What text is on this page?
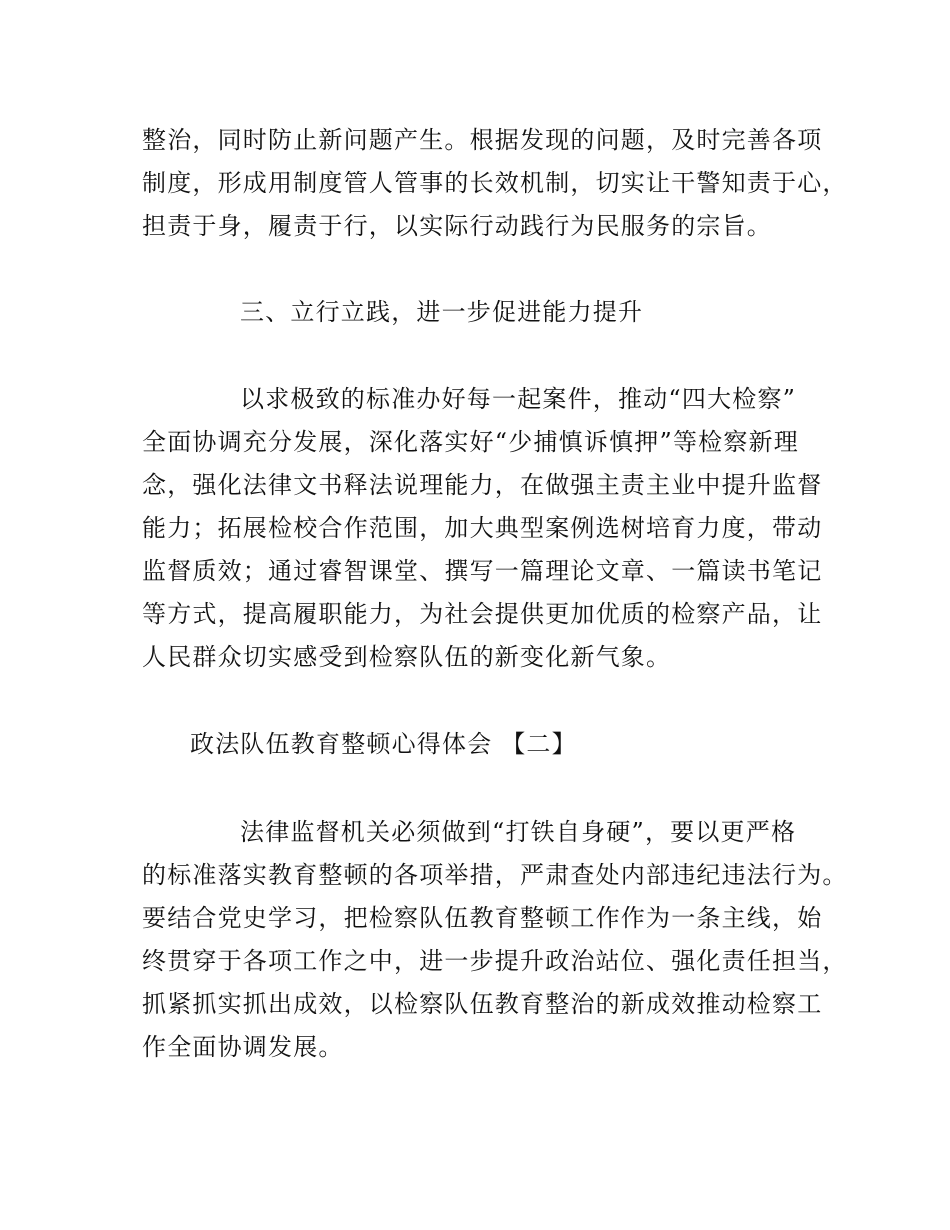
整治，同时防止新问题产生。根据发现的问题，及时完善各项
制度，形成用制度管人管事的长效机制，切实让干警知责于心，
担责于身，履责于行，以实际行动践行为民服务的宗旨。
三、立行立践，进一步促进能力提升
以求极致的标准办好每一起案件，推动“四大检察”
全面协调充分发展，深化落实好“少捕慎诉慎押”等检察新理
念，强化法律文书释法说理能力，在做强主责主业中提升监督
能力；拓展检校合作范围，加大典型案例选树培育力度，带动
监督质效；通过睿智课堂、撰写一篇理论文章、一篇读书笔记
等方式，提高履职能力，为社会提供更加优质的检察产品，让
人民群众切实感受到检察队伍的新变化新气象。
政法队伍教育整顿心得体会 【二】
法律监督机关必须做到“打铁自身硬”，要以更严格
的标准落实教育整顿的各项举措，严肃查处内部违纪违法行为。
要结合党史学习，把检察队伍教育整顿工作作为一条主线，始
终贯穿于各项工作之中，进一步提升政治站位、强化责任担当，
抓紧抓实抓出成效，以检察队伍教育整治的新成效推动检察工
作全面协调发展。
